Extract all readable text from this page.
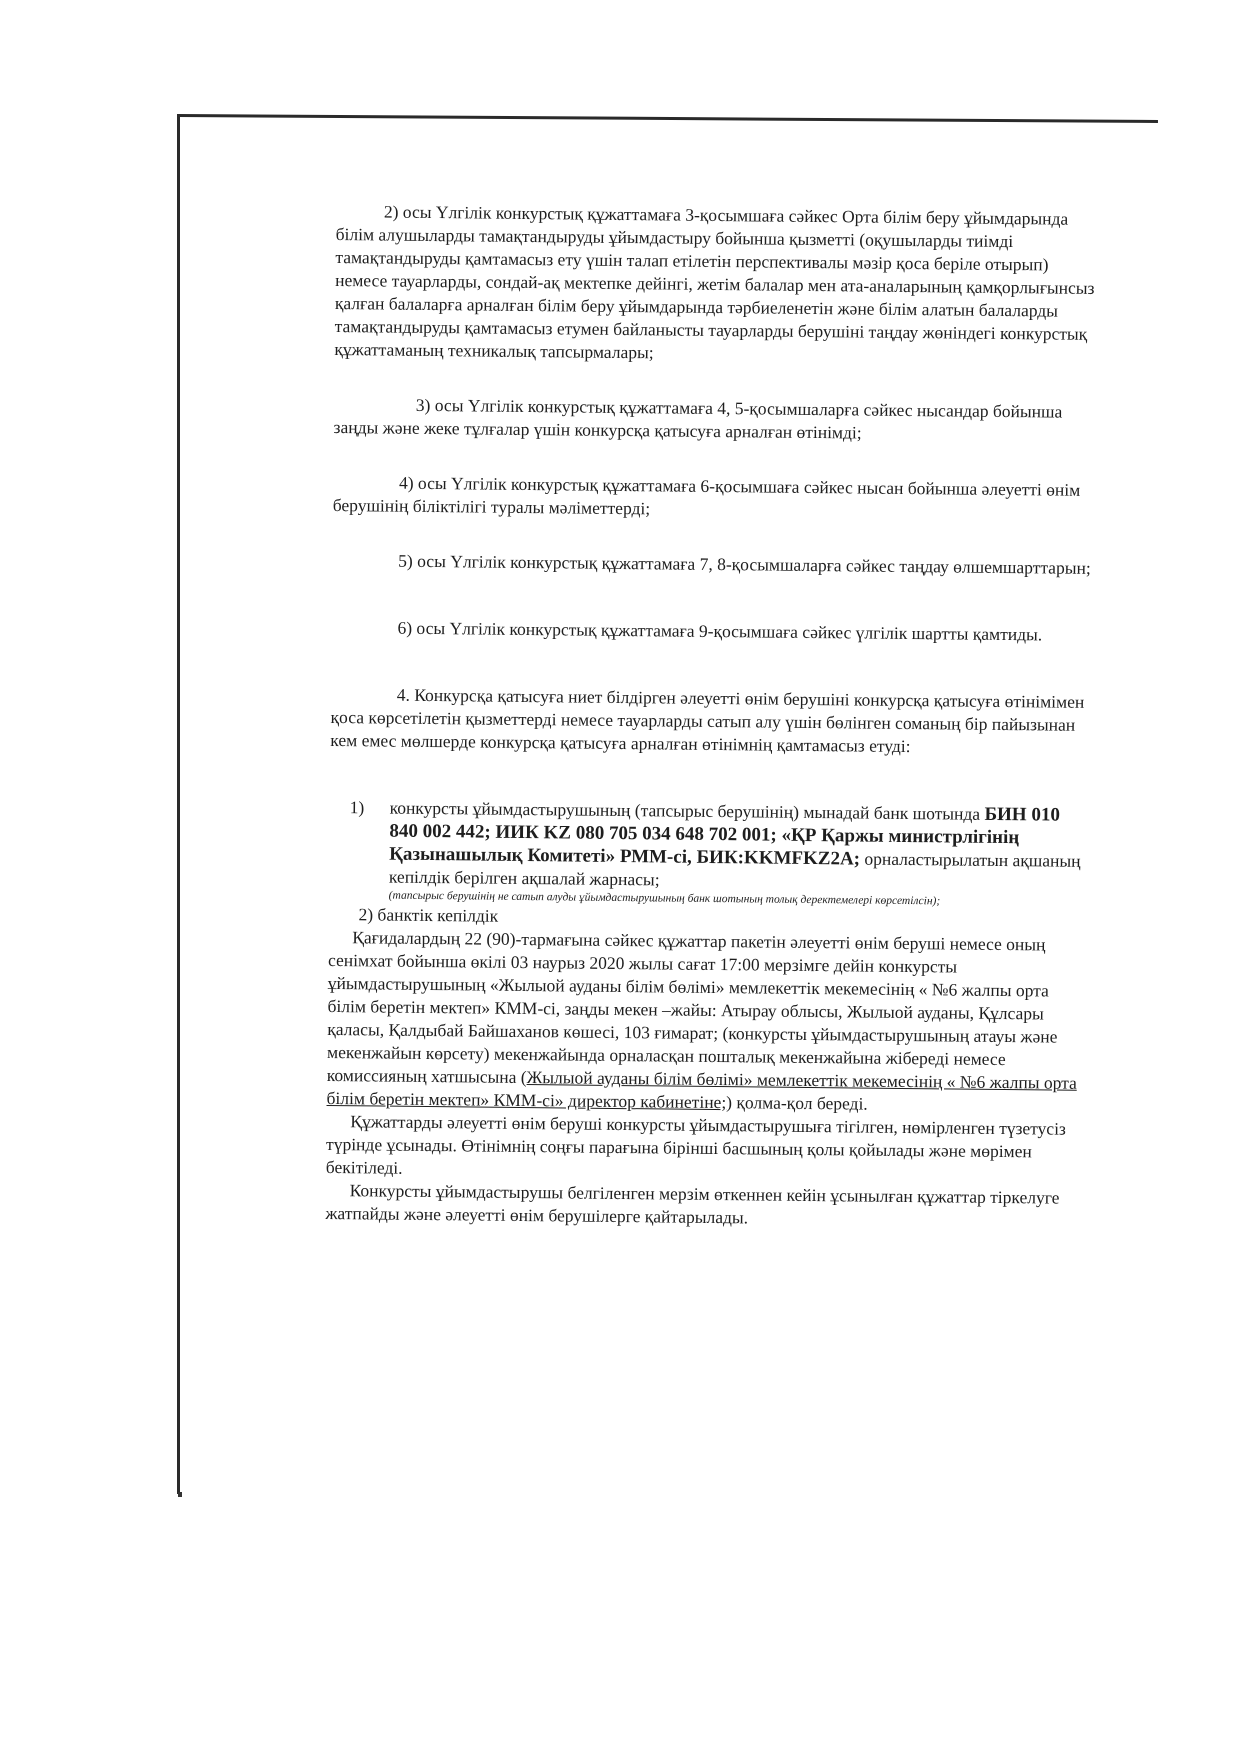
2) осы Үлгілік конкурстық құжаттамаға 3-қосымшаға сәйкес Орта білім беру ұйымдарында білім алушыларды тамақтандыруды ұйымдастыру бойынша қызметті (оқушыларды тиімді тамақтандыруды қамтамасыз ету үшін талап етілетін перспективалы мәзір қоса беріле отырып) немесе тауарларды, сондай-ақ мектепке дейінгі, жетім балалар мен ата-аналарының қамқорлығынсыз қалған балаларға арналған білім беру ұйымдарында тәрбиеленетін және білім алатын балаларды тамақтандыруды қамтамасыз етумен байланысты тауарларды берушіні таңдау жөніндегі конкурстық құжаттаманың техникалық тапсырмалары;

3) осы Үлгілік конкурстық құжаттамаға 4, 5-қосымшаларға сәйкес нысандар бойынша заңды және жеке тұлғалар үшін конкурсқа қатысуға арналған өтінімді;

4) осы Үлгілік конкурстық құжаттамаға 6-қосымшаға сәйкес нысан бойынша әлеуетті өнім берушінің біліктілігі туралы мәліметтерді;

5) осы Үлгілік конкурстық құжаттамаға 7, 8-қосымшаларға сәйкес таңдау өлшемшарттарын;

6) осы Үлгілік конкурстық құжаттамаға 9-қосымшаға сәйкес үлгілік шартты қамтиды.

4. Конкурсқа қатысуға ниет білдірген әлеуетті өнім берушіні конкурсқа қатысуға өтінімімен қоса көрсетілетін қызметтерді немесе тауарларды сатып алу үшін бөлінген соманың бір пайызынан кем емес мөлшерде конкурсқа қатысуға арналған өтінімнің қамтамасыз етуді:

1) конкурсты ұйымдастырушының (тапсырыс берушінің) мынадай банк шотында БИН 010 840 002 442; ИИК KZ 080 705 034 648 702 001; «ҚР Қаржы министрлігінің Қазынашылық Комитеті» РММ-сі, БИК:KKMFKZ2A; орналастырылатын ақшаның кепілдік берілген ақшалай жарнасы;
(тапсырыс берушінің не сатып алуды ұйымдастырушының банк шотының толық деректемелері көрсетілсін);

2) банктік кепілдік

Қағидалардың 22 (90)-тармағына сәйкес құжаттар пакетін әлеуетті өнім беруші немесе оның сенімхат бойынша өкілі 03 наурыз 2020 жылы сағат 17:00 мерзімге дейін конкурсты ұйымдастырушының «Жылыой ауданы білім бөлімі» мемлекеттік мекемесінің « №6 жалпы орта білім беретін мектеп» КММ-сі, заңды мекен –жайы: Атырау облысы, Жылыой ауданы, Құлсары қаласы, Қалдыбай Байшаханов көшесі, 103 ғимарат; (конкурсты ұйымдастырушының атауы және мекенжайын көрсету) мекенжайында орналасқан пошталық мекенжайына жібереді немесе комиссияның хатшысына (Жылыой ауданы білім бөлімі» мемлекеттік мекемесінің « №6 жалпы орта білім беретін мектеп» КММ-сі» директор кабинетіне;) қолма-қол береді.

Құжаттарды әлеуетті өнім беруші конкурсты ұйымдастырушыға тігілген, нөмірленген түзетусіз түрінде ұсынады. Өтінімнің соңғы парағына бірінші басшының қолы қойылады және мөрімен бекітіледі.

Конкурсты ұйымдастырушы белгіленген мерзім өткеннен кейін ұсынылған құжаттар тіркелуге жатпайды және әлеуетті өнім берушілерге қайтарылады.
